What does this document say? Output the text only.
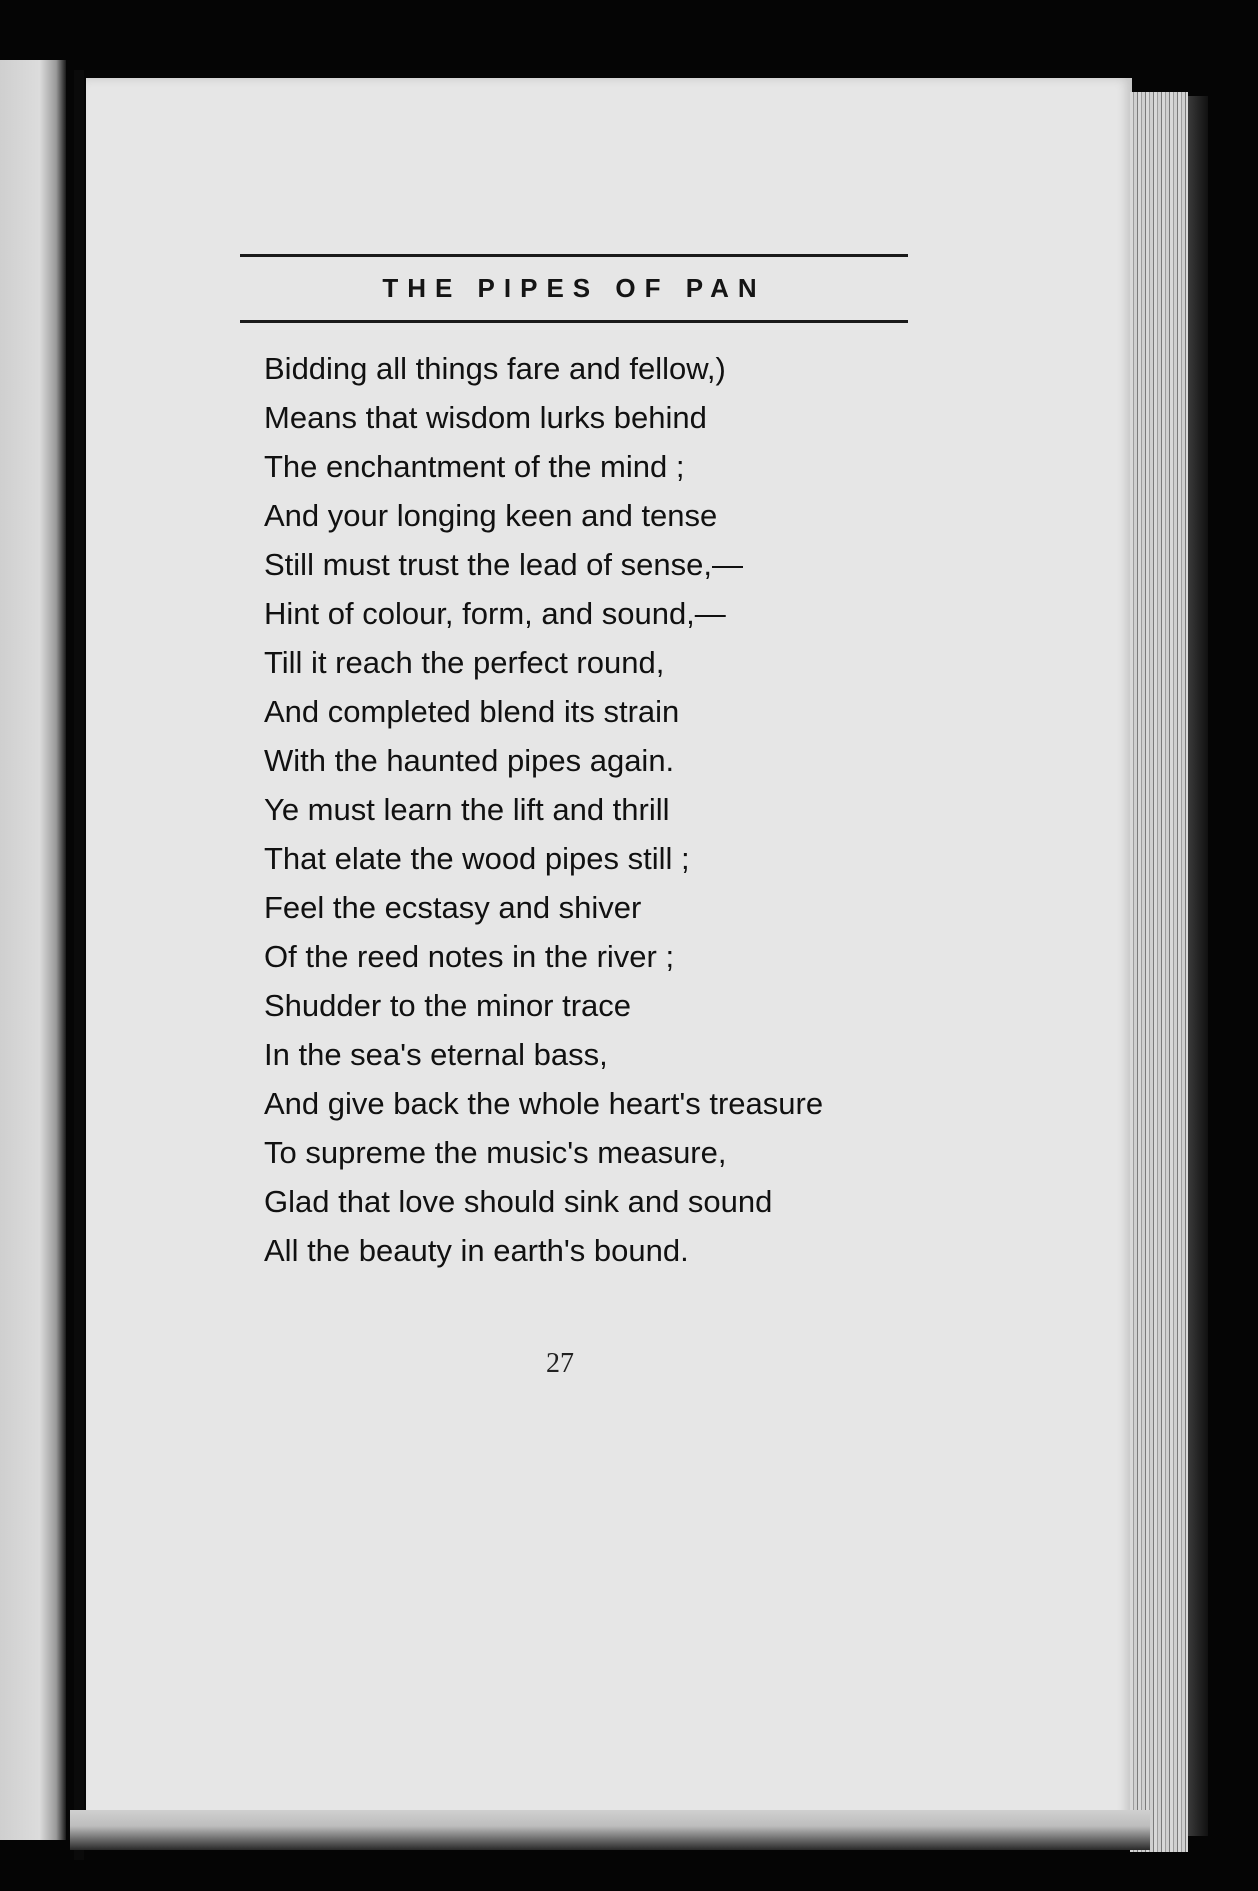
THE PIPES OF PAN
Bidding all things fare and fellow,)
Means that wisdom lurks behind
The enchantment of the mind ;
And your longing keen and tense
Still must trust the lead of sense,—
Hint of colour, form, and sound,—
Till it reach the perfect round,
And completed blend its strain
With the haunted pipes again.
Ye must learn the lift and thrill
That elate the wood pipes still ;
Feel the ecstasy and shiver
Of the reed notes in the river ;
Shudder to the minor trace
In the sea's eternal bass,
And give back the whole heart's treasure
To supreme the music's measure,
Glad that love should sink and sound
All the beauty in earth's bound.
27
